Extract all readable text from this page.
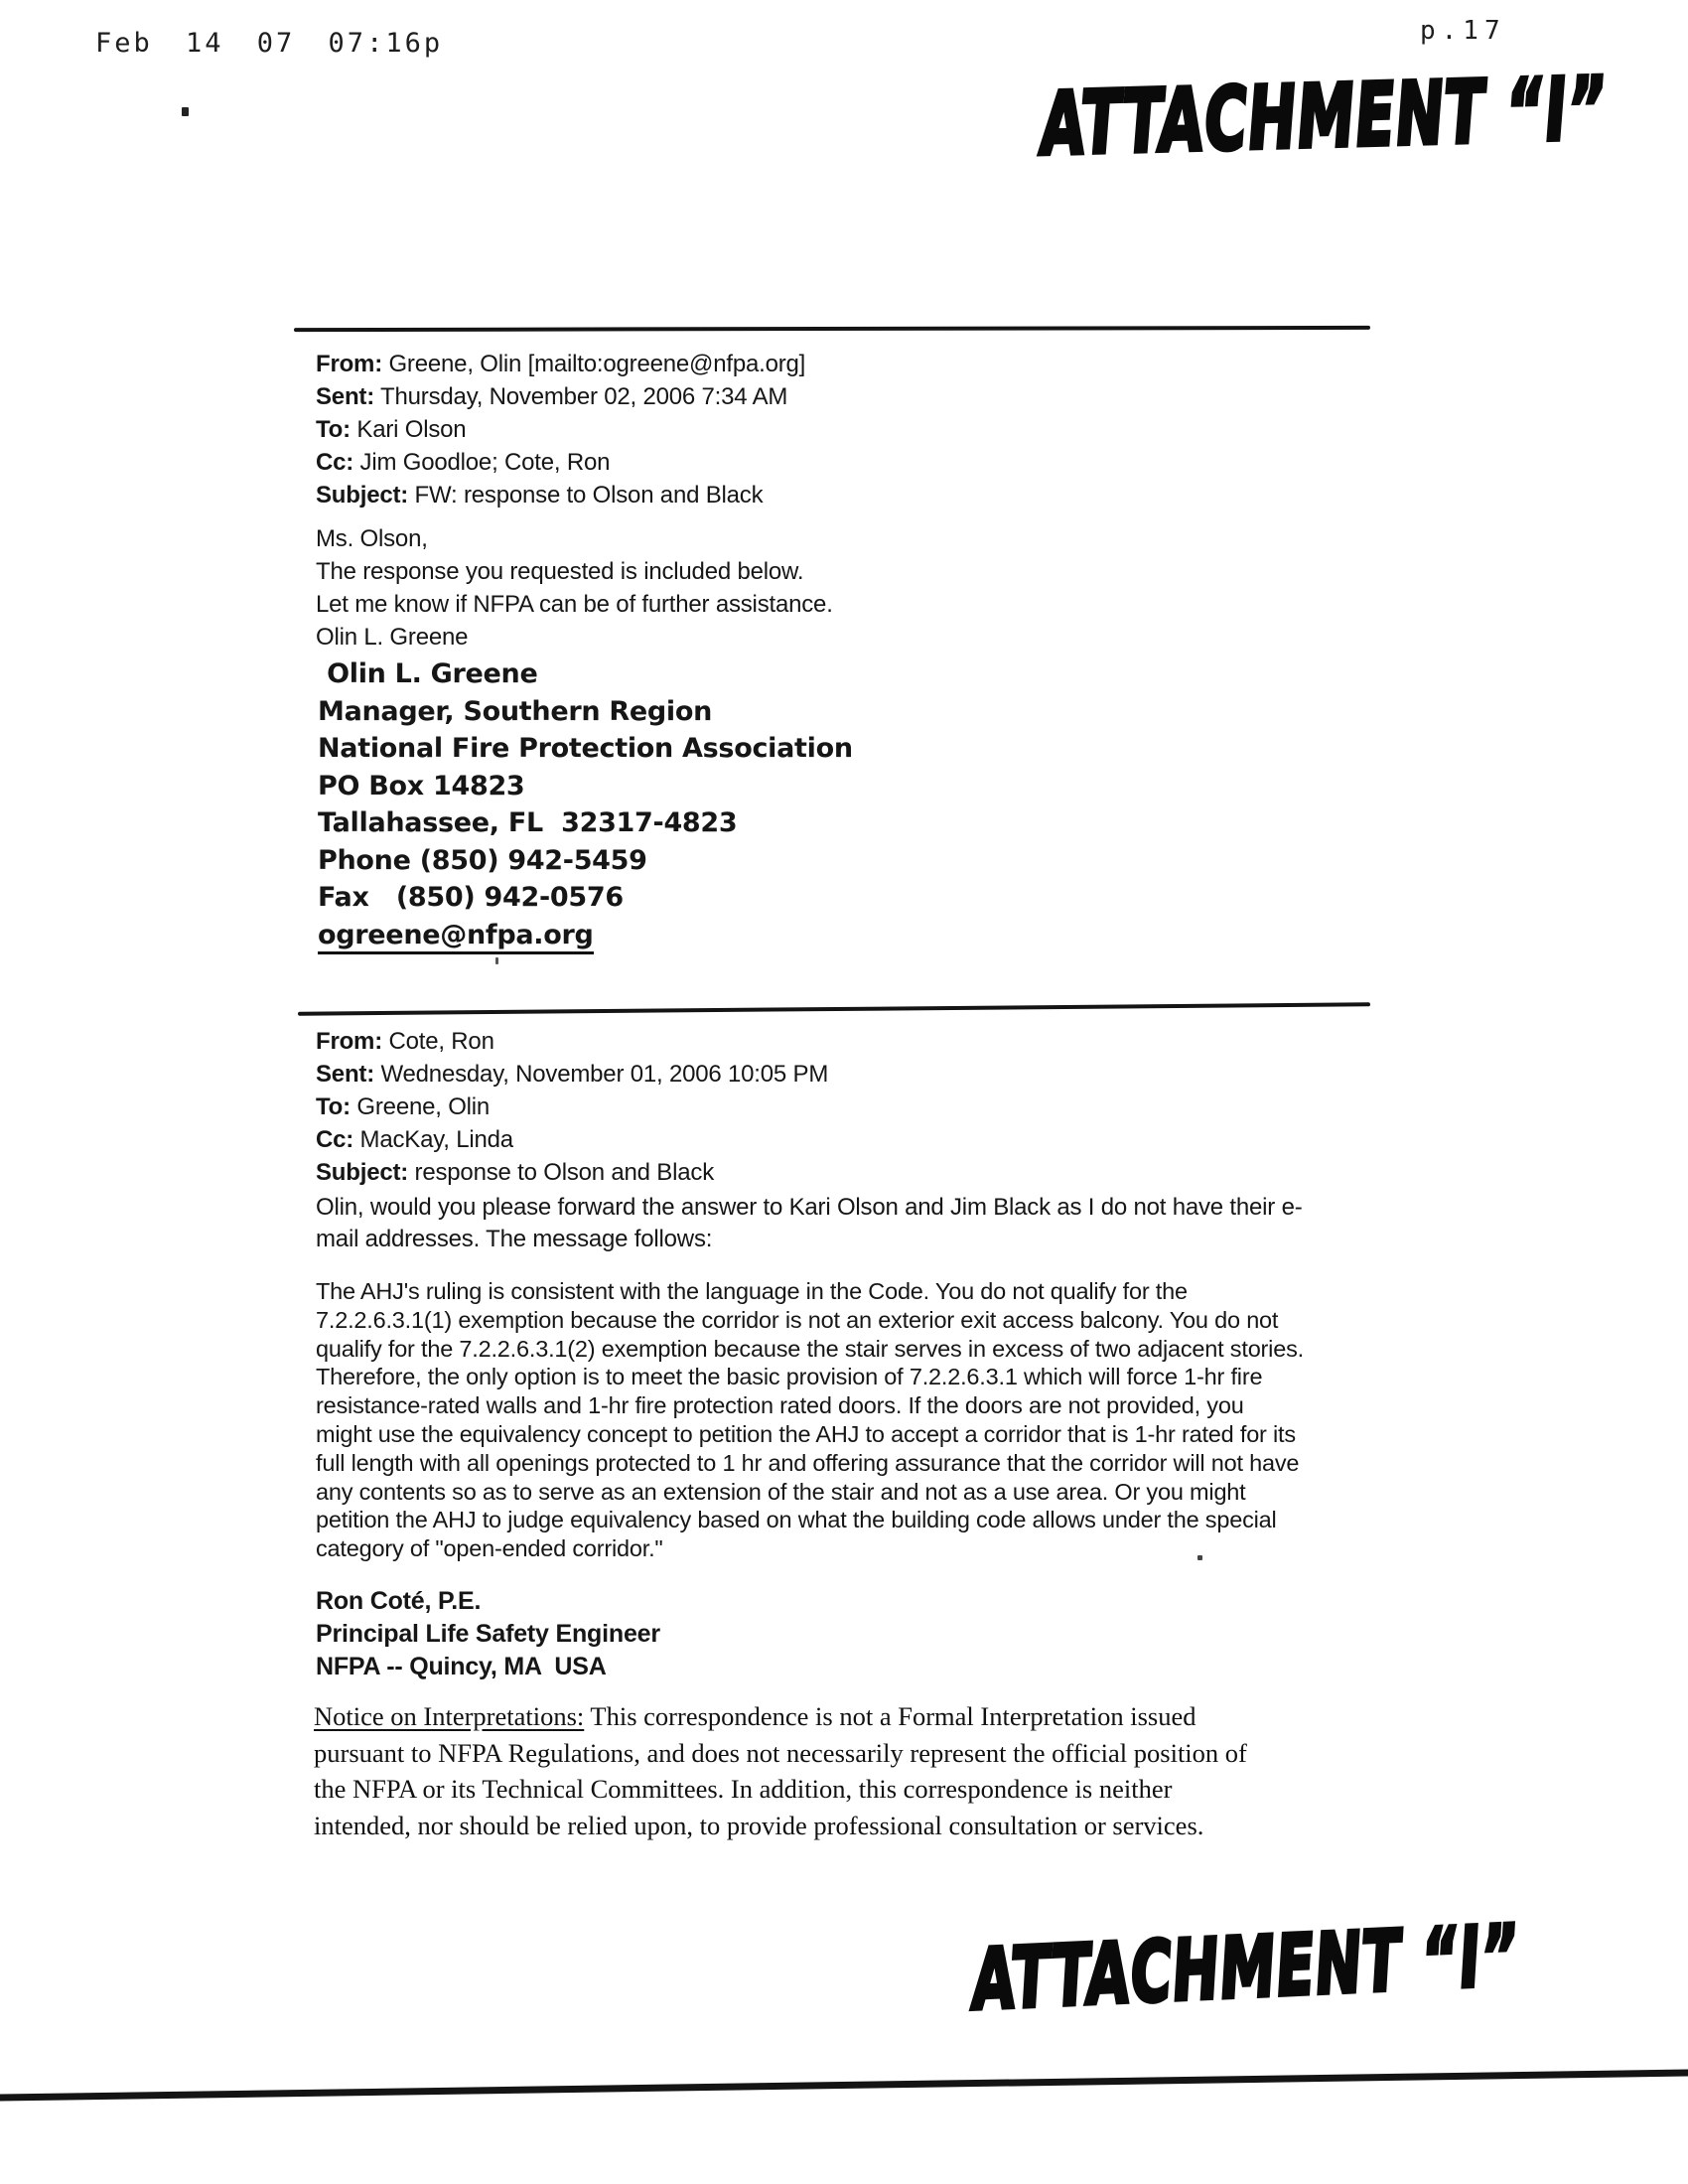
Feb 14 07 07:16p	p.17
ATTACHMENT “I”
From: Greene, Olin [mailto:ogreene@nfpa.org]
Sent: Thursday, November 02, 2006 7:34 AM
To: Kari Olson
Cc: Jim Goodloe; Cote, Ron
Subject: FW: response to Olson and Black
Ms. Olson,
The response you requested is included below.
Let me know if NFPA can be of further assistance.
Olin L. Greene
Olin L. Greene
Manager, Southern Region
National Fire Protection Association
PO Box 14823
Tallahassee, FL  32317-4823
Phone (850) 942-5459
Fax   (850) 942-0576
ogreene@nfpa.org
From: Cote, Ron
Sent: Wednesday, November 01, 2006 10:05 PM
To: Greene, Olin
Cc: MacKay, Linda
Subject: response to Olson and Black
Olin, would you please forward the answer to Kari Olson and Jim Black as I do not have their e-
mail addresses. The message follows:
The AHJ's ruling is consistent with the language in the Code. You do not qualify for the
7.2.2.6.3.1(1) exemption because the corridor is not an exterior exit access balcony. You do not
qualify for the 7.2.2.6.3.1(2) exemption because the stair serves in excess of two adjacent stories.
Therefore, the only option is to meet the basic provision of 7.2.2.6.3.1 which will force 1-hr fire
resistance-rated walls and 1-hr fire protection rated doors. If the doors are not provided, you
might use the equivalency concept to petition the AHJ to accept a corridor that is 1-hr rated for its
full length with all openings protected to 1 hr and offering assurance that the corridor will not have
any contents so as to serve as an extension of the stair and not as a use area. Or you might
petition the AHJ to judge equivalency based on what the building code allows under the special
category of "open-ended corridor."
Ron Coté, P.E.
Principal Life Safety Engineer
NFPA -- Quincy, MA  USA
Notice on Interpretations: This correspondence is not a Formal Interpretation issued
pursuant to NFPA Regulations, and does not necessarily represent the official position of
the NFPA or its Technical Committees. In addition, this correspondence is neither
intended, nor should be relied upon, to provide professional consultation or services.
ATTACHMENT “I”
